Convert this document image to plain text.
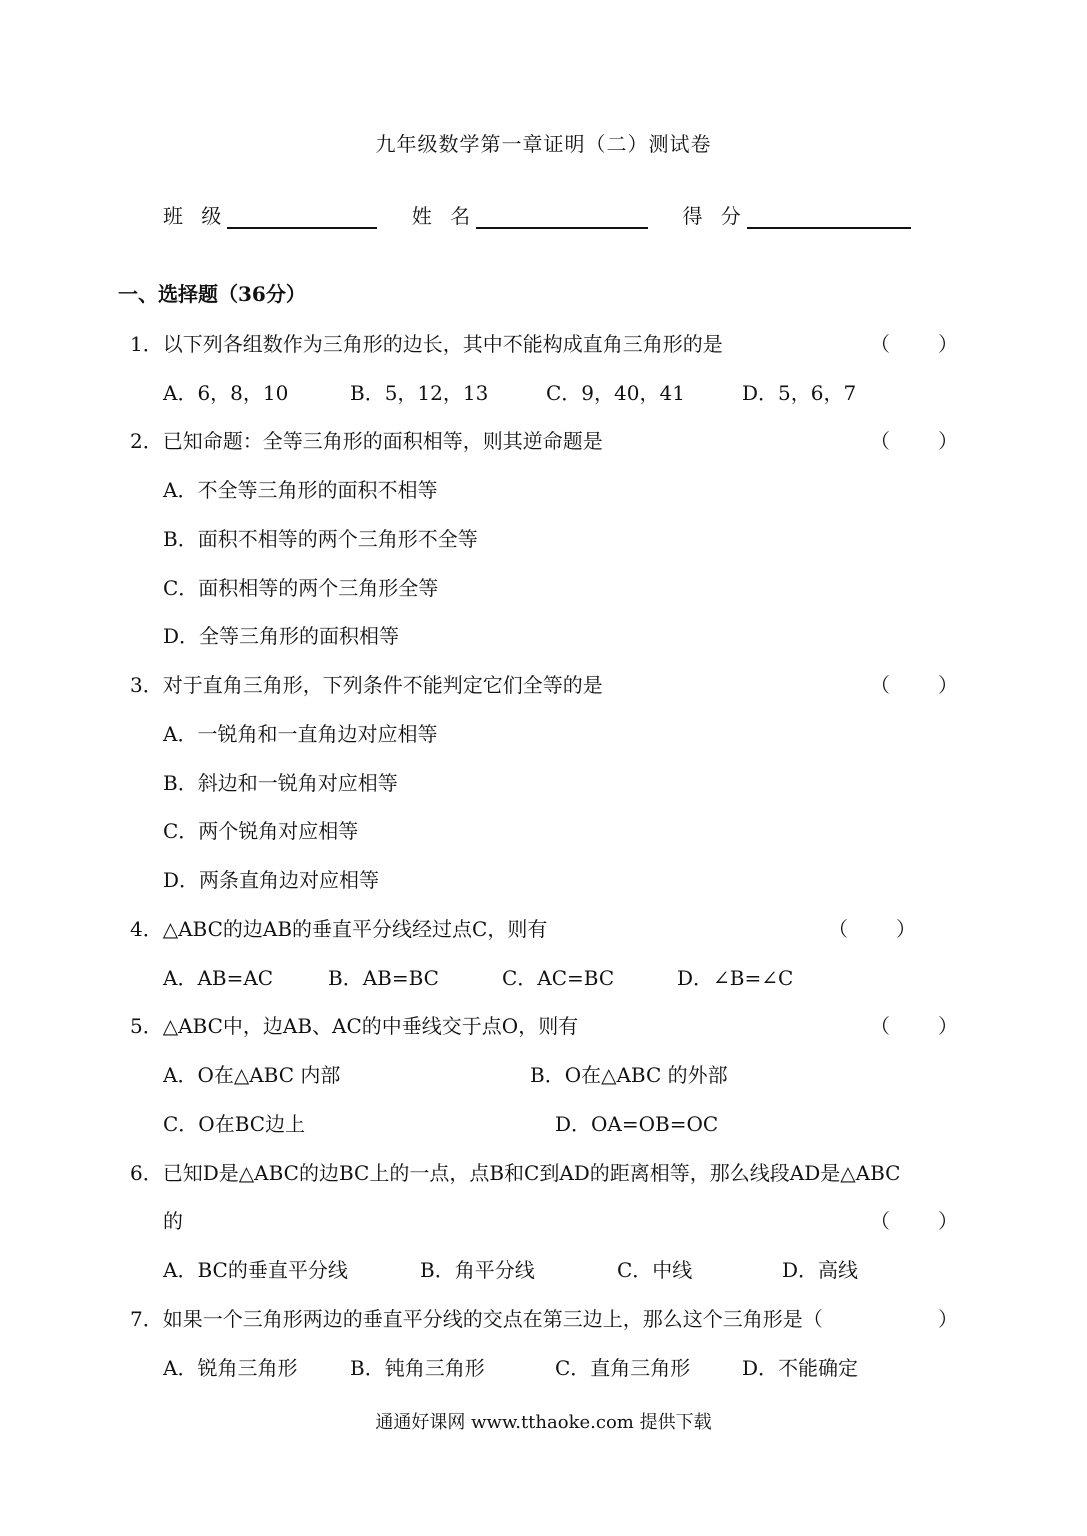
九年级数学第一章证明（二）测试卷
班 级	姓 名	得 分
一、选择题（36分）
1．以下列各组数作为三角形的边长，其中不能构成直角三角形的是	（）
A．6，8，10	B．5，12，13	C．9，40，41	D．5，6，7
2．已知命题：全等三角形的面积相等，则其逆命题是	（）
A．不全等三角形的面积不相等
B．面积不相等的两个三角形不全等
C．面积相等的两个三角形全等
D．全等三角形的面积相等
3．对于直角三角形，下列条件不能判定它们全等的是	（）
A．一锐角和一直角边对应相等
B．斜边和一锐角对应相等
C．两个锐角对应相等
D．两条直角边对应相等
4．△ABC的边AB的垂直平分线经过点C，则有	（）
A．AB=AC	B．AB=BC	C．AC=BC	D．∠B=∠C
5．△ABC中，边AB、AC的中垂线交于点O，则有	（）
A．O在△ABC 内部	B．O在△ABC 的外部
C．O在BC边上	D．OA=OB=OC
6．已知D是△ABC的边BC上的一点，点B和C到AD的距离相等，那么线段AD是△ABC
的	（）
A．BC的垂直平分线	B．角平分线	C．中线	D．高线
7．如果一个三角形两边的垂直平分线的交点在第三边上，那么这个三角形是（	）
A．锐角三角形	B．钝角三角形	C．直角三角形	D．不能确定
通通好课网 www.tthaoke.com 提供下载
